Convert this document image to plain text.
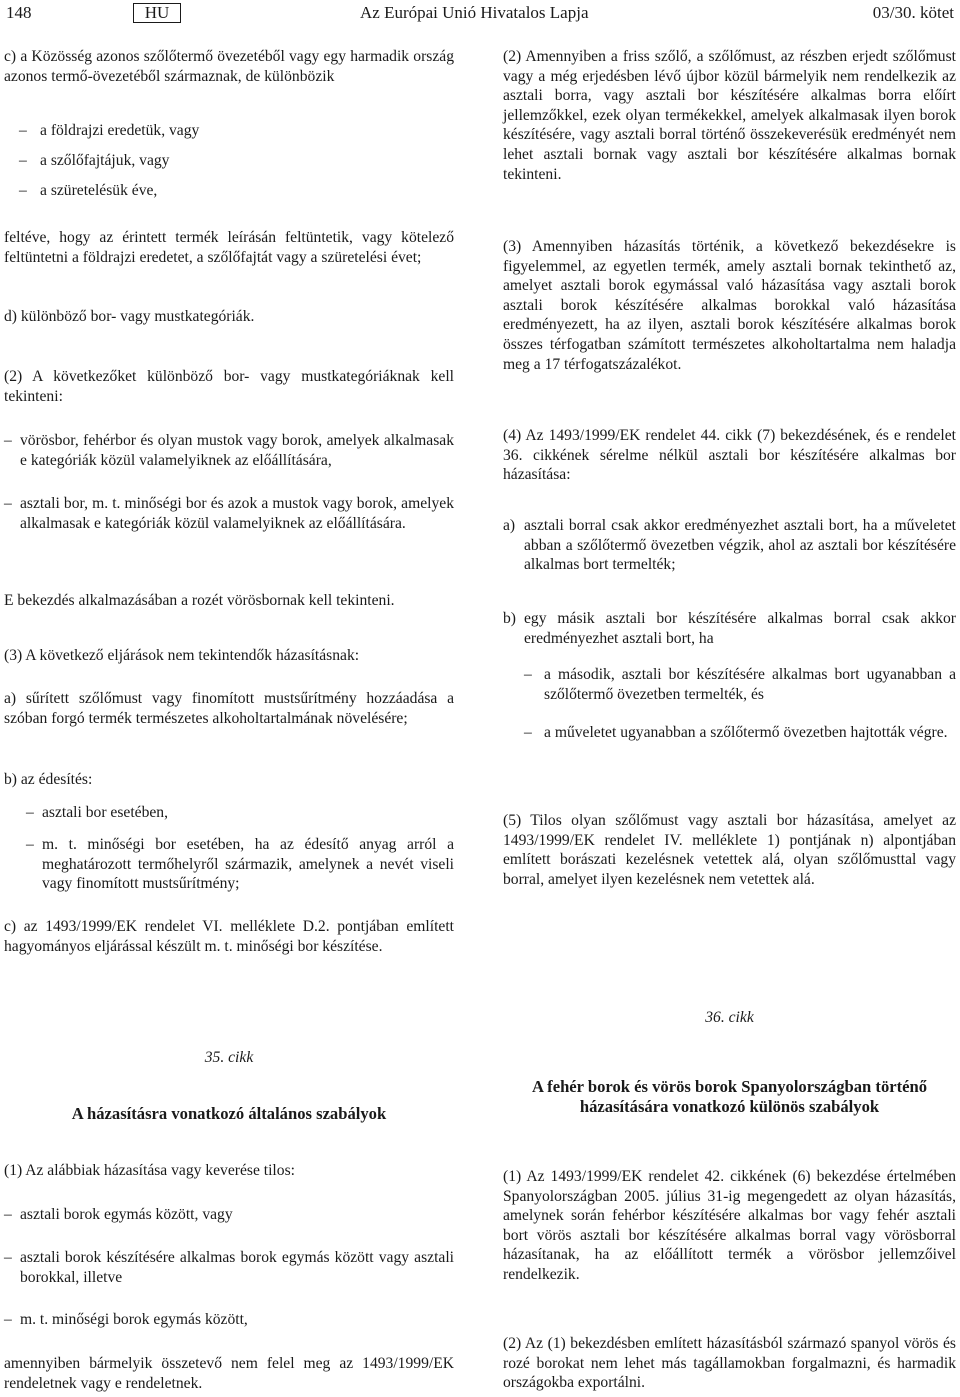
148	HU	Az Európai Unió Hivatalos Lapja	03/30. kötet
c) a Közösség azonos szőlőtermő övezetéből vagy egy harmadik ország azonos termő-övezetéből származnak, de különbözik
– a földrajzi eredetük, vagy
– a szőlőfajtájuk, vagy
– a szüretelésük éve,
feltéve, hogy az érintett termék leírásán feltüntetik, vagy kötelező feltüntetni a földrajzi eredetet, a szőlőfajtát vagy a szüretelési évet;
d) különböző bor- vagy mustkategóriák.
(2) A következőket különböző bor- vagy mustkategóriáknak kell tekinteni:
– vörösbor, fehérbor és olyan mustok vagy borok, amelyek alkalmasak e kategóriák közül valamelyiknek az előállítására,
– asztali bor, m. t. minőségi bor és azok a mustok vagy borok, amelyek alkalmasak e kategóriák közül valamelyiknek az előállítására.
E bekezdés alkalmazásában a rozét vörösbornak kell tekinteni.
(3) A következő eljárások nem tekintendők házasításnak:
a) sűrített szőlőmust vagy finomított mustsűrítmény hozzáadása a szóban forgó termék természetes alkoholtartalmának növelésére;
b) az édesítés:
– asztali bor esetében,
– m. t. minőségi bor esetében, ha az édesítő anyag arról a meghatározott termőhelyről származik, amelynek a nevét viseli vagy finomított mustsűrítmény;
c) az 1493/1999/EK rendelet VI. melléklete D.2. pontjában említett hagyományos eljárással készült m. t. minőségi bor készítése.
35. cikk
A házasításra vonatkozó általános szabályok
(1) Az alábbiak házasítása vagy keverése tilos:
– asztali borok egymás között, vagy
– asztali borok készítésére alkalmas borok egymás között vagy asztali borokkal, illetve
– m. t. minőségi borok egymás között,
amennyiben bármelyik összetevő nem felel meg az 1493/1999/EK rendeletnek vagy e rendeletnek.
(2) Amennyiben a friss szőlő, a szőlőmust, az részben erjedt szőlőmust vagy a még erjedésben lévő újbor közül bármelyik nem rendelkezik az asztali borra, vagy asztali bor készítésére alkalmas borra előírt jellemzőkkel, ezek olyan termékekkel, amelyek alkalmasak ilyen borok készítésére, vagy asztali borral történő összekeverésük eredményét nem lehet asztali bornak vagy asztali bor készítésére alkalmas bornak tekinteni.
(3) Amennyiben házasítás történik, a következő bekezdésekre is figyelemmel, az egyetlen termék, amely asztali bornak tekinthető az, amelyet asztali borok egymással való házasítása vagy asztali borok asztali borok készítésére alkalmas borokkal való házasítása eredményezett, ha az ilyen, asztali borok készítésére alkalmas borok összes térfogatban számított természetes alkoholtartalma nem haladja meg a 17 térfogatszázalékot.
(4) Az 1493/1999/EK rendelet 44. cikk (7) bekezdésének, és e rendelet 36. cikkének sérelme nélkül asztali bor készítésére alkalmas bor házasítása:
a) asztali borral csak akkor eredményezhet asztali bort, ha a műveletet abban a szőlőtermő övezetben végzik, ahol az asztali bor készítésére alkalmas bort termelték;
b) egy másik asztali bor készítésére alkalmas borral csak akkor eredményezhet asztali bort, ha
– a második, asztali bor készítésére alkalmas bort ugyanabban a szőlőtermő övezetben termelték, és
– a műveletet ugyanabban a szőlőtermő övezetben hajtották végre.
(5) Tilos olyan szőlőmust vagy asztali bor házasítása, amelyet az 1493/1999/EK rendelet IV. melléklete 1) pontjának n) alpontjában említett borászati kezelésnek vetettek alá, olyan szőlőmusttal vagy borral, amelyet ilyen kezelésnek nem vetettek alá.
36. cikk
A fehér borok és vörös borok Spanyolországban történő házasítására vonatkozó különös szabályok
(1) Az 1493/1999/EK rendelet 42. cikkének (6) bekezdése értelmében Spanyolországban 2005. július 31-ig megengedett az olyan házasítás, amelynek során fehérbor készítésére alkalmas bor vagy fehér asztali bort vörös asztali bor készítésére alkalmas borral vagy vörösborral házasítanak, ha az előállított termék a vörösbor jellemzőivel rendelkezik.
(2) Az (1) bekezdésben említett házasításból származó spanyol vörös és rozé borokat nem lehet más tagállamokban forgalmazni, és harmadik országokba exportálni.
